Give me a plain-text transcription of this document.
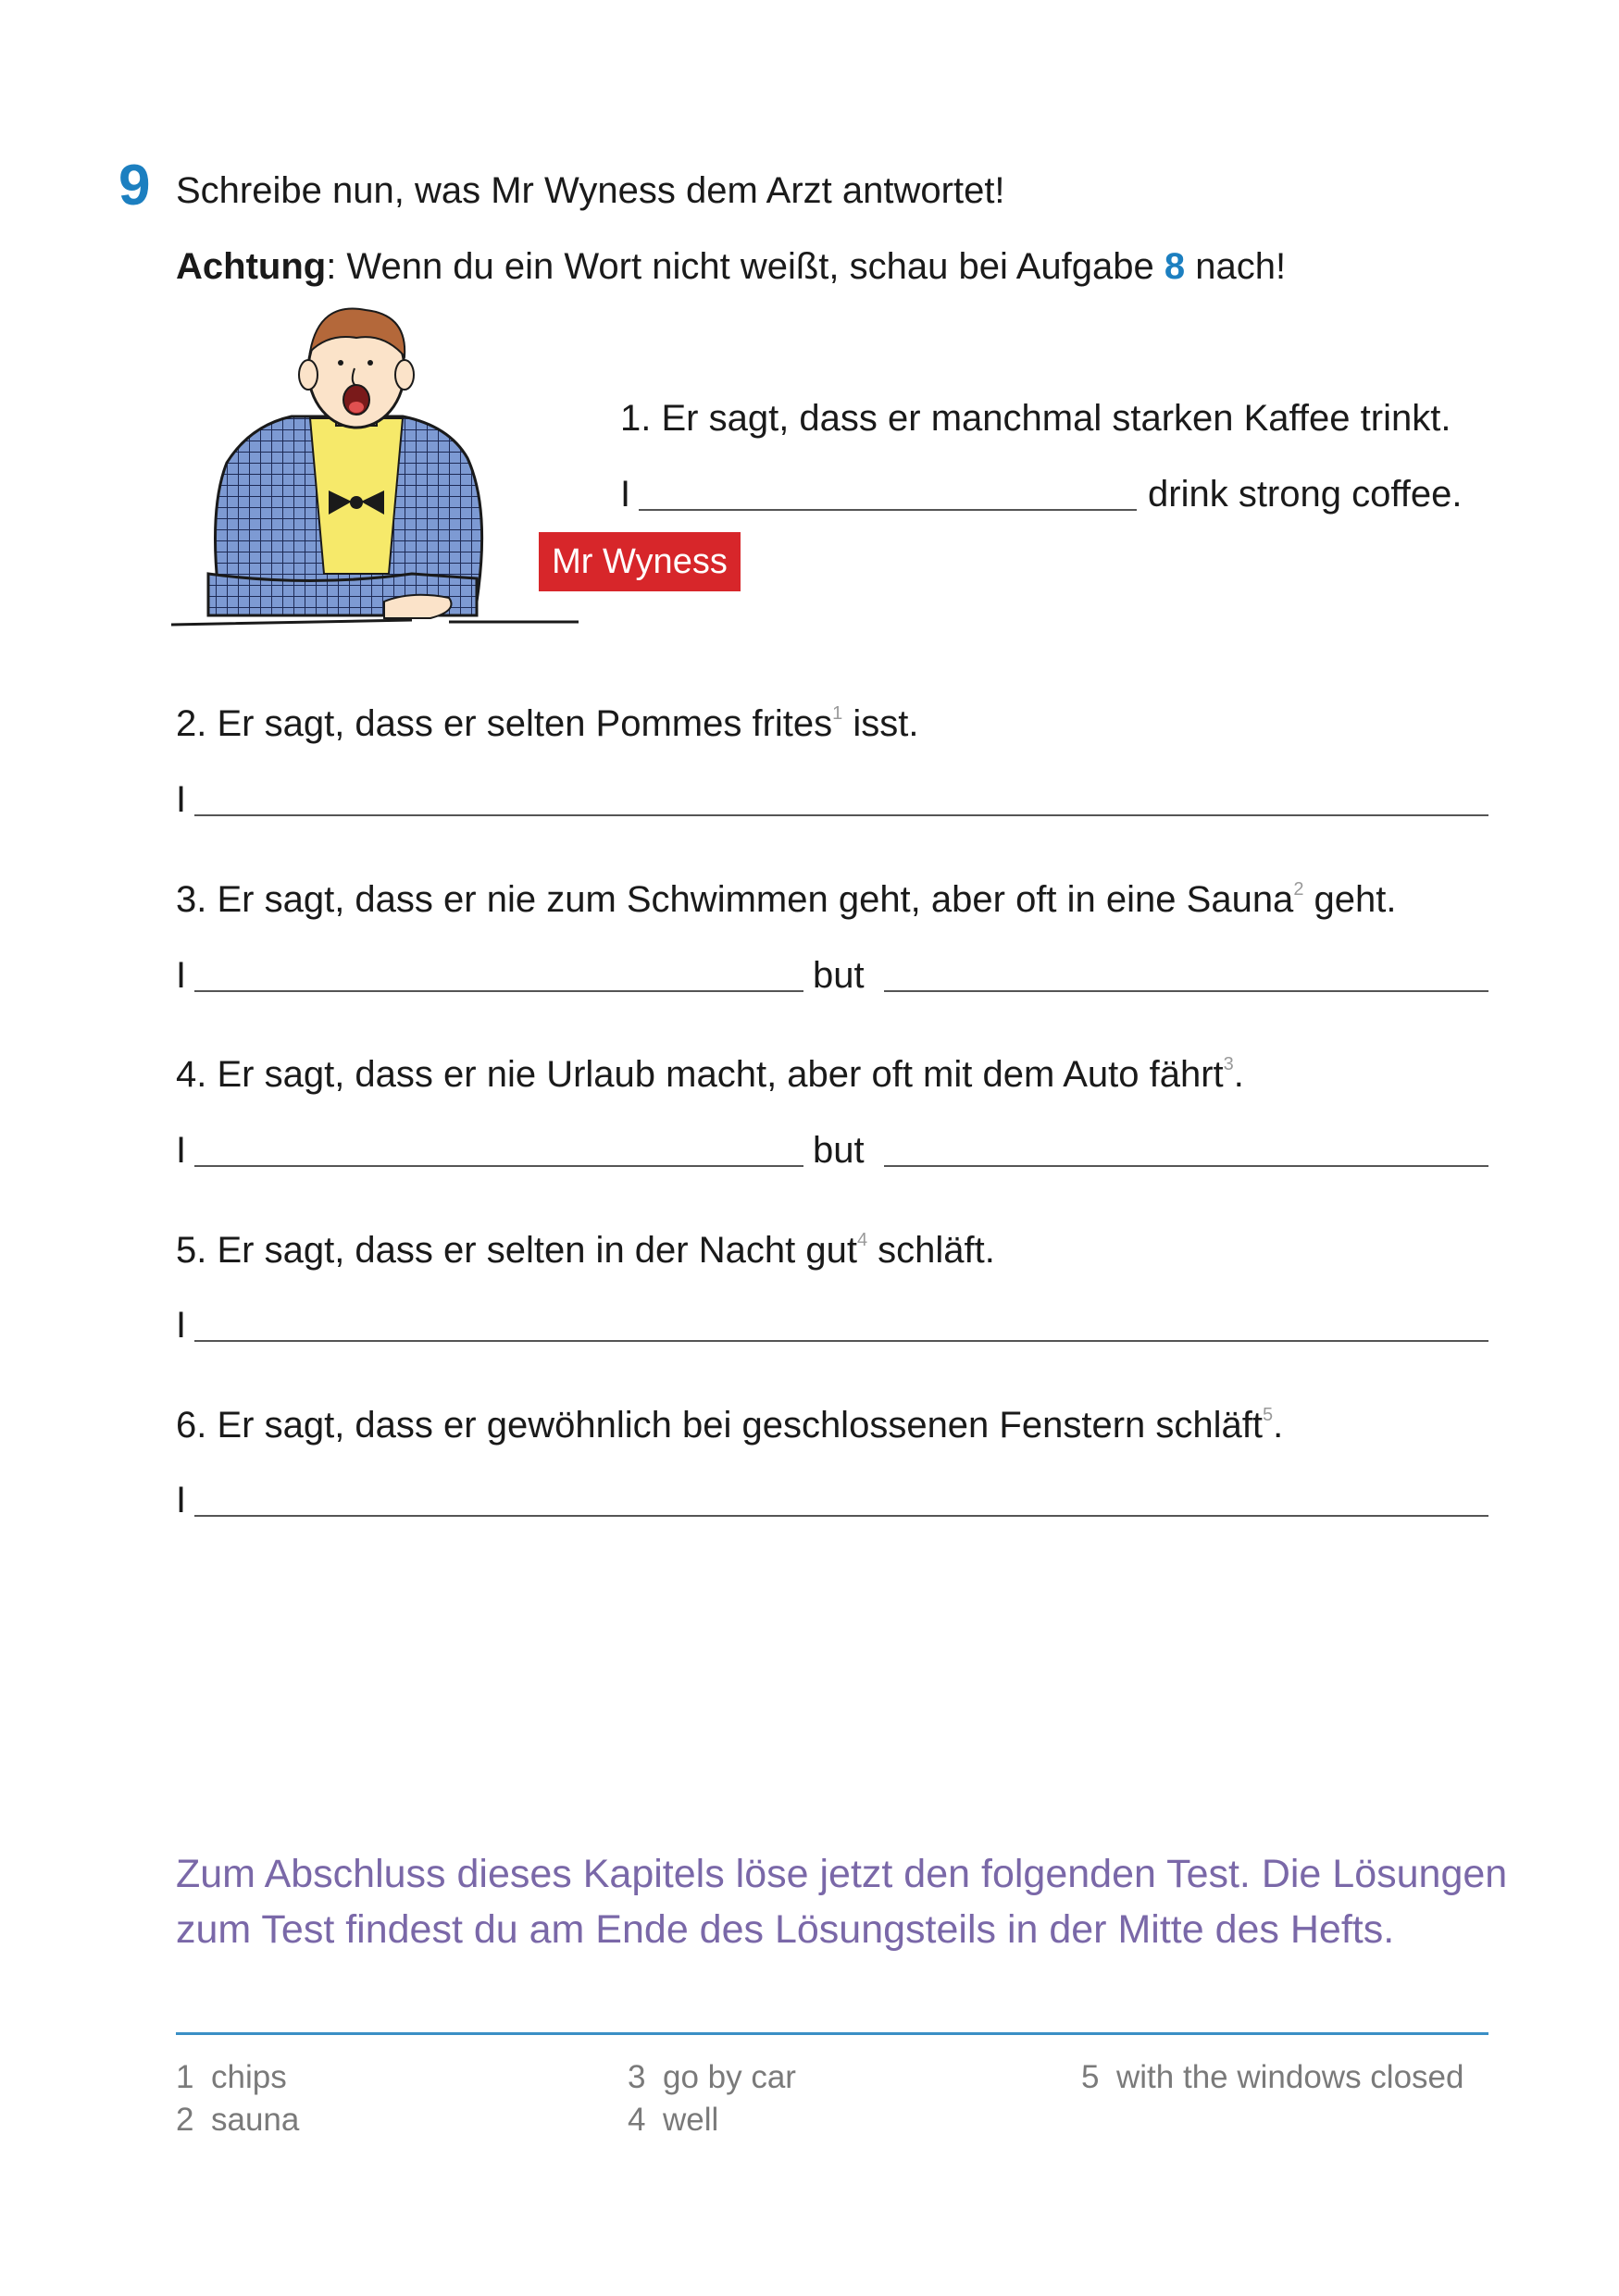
9 Schreibe nun, was Mr Wyness dem Arzt antwortet!
Achtung: Wenn du ein Wort nicht weißt, schau bei Aufgabe 8 nach!
Mr Wyness
1. Er sagt, dass er manchmal starken Kaffee trinkt.
I	drink strong coffee.
2. Er sagt, dass er selten Pommes frites$^1$ isst.
I
3. Er sagt, dass er nie zum Schwimmen geht, aber oft in eine Sauna$^2$ geht.
I	but
4. Er sagt, dass er nie Urlaub macht, aber oft mit dem Auto fährt$^3$.
I	but
5. Er sagt, dass er selten in der Nacht gut$^4$ schläft.
I
6. Er sagt, dass er gewöhnlich bei geschlossenen Fenstern schläft$^5$.
I
Zum Abschluss dieses Kapitels löse jetzt den folgenden Test. Die Lösungen
zum Test findest du am Ende des Lösungsteils in der Mitte des Hefts.
1 chips
2 sauna
3 go by car
4 well
5 with the windows closed
